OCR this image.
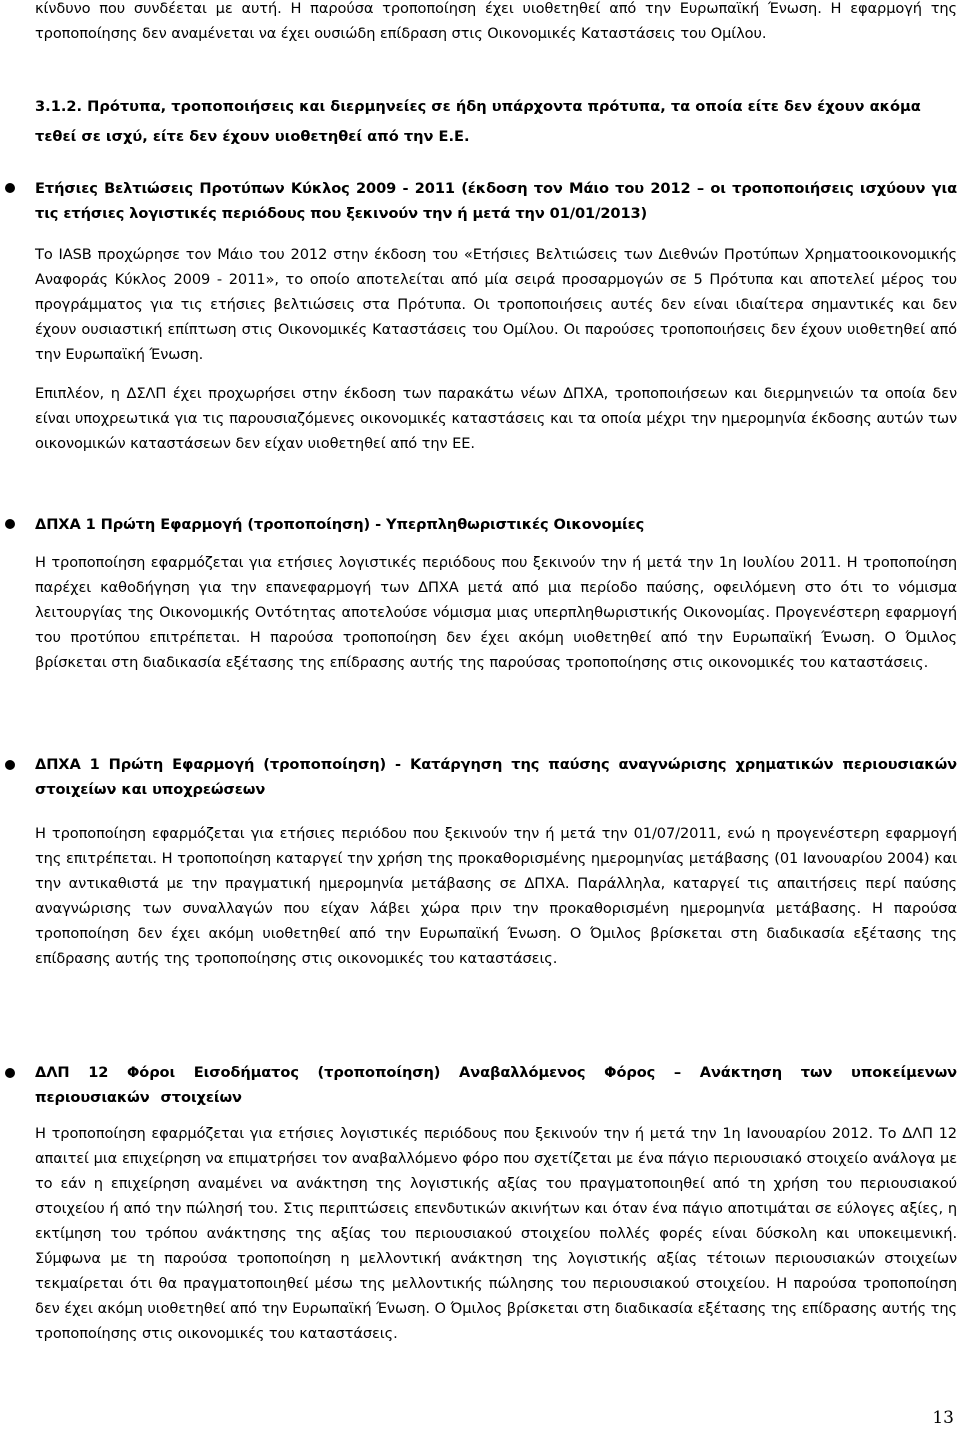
κίνδυνο που συνδέεται με αυτή. Η παρούσα τροποποίηση έχει υιοθετηθεί από την Ευρωπαϊκή Ένωση. Η εφαρμογή της τροποποίησης δεν αναμένεται να έχει ουσιώδη επίδραση στις Οικονομικές Καταστάσεις του Ομίλου.

3.1.2. Πρότυπα, τροποποιήσεις και διερμηνείες σε ήδη υπάρχοντα πρότυπα, τα οποία είτε δεν έχουν ακόμα τεθεί σε ισχύ, είτε δεν έχουν υιοθετηθεί από την Ε.Ε.

Ετήσιες Βελτιώσεις Προτύπων Κύκλος 2009 - 2011 (έκδοση τον Μάιο του 2012 – οι τροποποιήσεις ισχύουν για τις ετήσιες λογιστικές περιόδους που ξεκινούν την ή μετά την 01/01/2013)

Το IASB προχώρησε τον Μάιο του 2012 στην έκδοση του «Ετήσιες Βελτιώσεις των Διεθνών Προτύπων Χρηματοοικονομικής Αναφοράς Κύκλος 2009 - 2011», το οποίο αποτελείται από μία σειρά προσαρμογών σε 5 Πρότυπα και αποτελεί μέρος του προγράμματος για τις ετήσιες βελτιώσεις στα Πρότυπα. Οι τροποποιήσεις αυτές δεν είναι ιδιαίτερα σημαντικές και δεν έχουν ουσιαστική επίπτωση στις Οικονομικές Καταστάσεις του Ομίλου. Οι παρούσες τροποποιήσεις δεν έχουν υιοθετηθεί από την Ευρωπαϊκή Ένωση.

Επιπλέον, η ΔΣΛΠ έχει προχωρήσει στην έκδοση των παρακάτω νέων ΔΠΧΑ, τροποποιήσεων και διερμηνειών τα οποία δεν είναι υποχρεωτικά για τις παρουσιαζόμενες οικονομικές καταστάσεις και τα οποία μέχρι την ημερομηνία έκδοσης αυτών των οικονομικών καταστάσεων δεν είχαν υιοθετηθεί από την ΕΕ.

ΔΠΧΑ 1 Πρώτη Εφαρμογή (τροποποίηση) - Υπερπληθωριστικές Οικονομίες

Η τροποποίηση εφαρμόζεται για ετήσιες λογιστικές περιόδους που ξεκινούν την ή μετά την 1η Ιουλίου 2011. Η τροποποίηση παρέχει καθοδήγηση για την επανεφαρμογή των ΔΠΧΑ μετά από μια περίοδο παύσης, οφειλόμενη στο ότι το νόμισμα λειτουργίας της Οικονομικής Οντότητας αποτελούσε νόμισμα μιας υπερπληθωριστικής Οικονομίας. Προγενέστερη εφαρμογή του προτύπου επιτρέπεται. Η παρούσα τροποποίηση δεν έχει ακόμη υιοθετηθεί από την Ευρωπαϊκή Ένωση. Ο Όμιλος βρίσκεται στη διαδικασία εξέτασης της επίδρασης αυτής της παρούσας τροποποίησης στις οικονομικές του καταστάσεις.

ΔΠΧΑ 1 Πρώτη Εφαρμογή (τροποποίηση) - Κατάργηση της παύσης αναγνώρισης χρηματικών περιουσιακών στοιχείων και υποχρεώσεων

Η τροποποίηση εφαρμόζεται για ετήσιες περιόδου που ξεκινούν την ή μετά την 01/07/2011, ενώ η προγενέστερη εφαρμογή της επιτρέπεται. Η τροποποίηση καταργεί την χρήση της προκαθορισμένης ημερομηνίας μετάβασης (01 Ιανουαρίου 2004) και την αντικαθιστά με την πραγματική ημερομηνία μετάβασης σε ΔΠΧΑ. Παράλληλα, καταργεί τις απαιτήσεις περί παύσης αναγνώρισης των συναλλαγών που είχαν λάβει χώρα πριν την προκαθορισμένη ημερομηνία μετάβασης. Η παρούσα τροποποίηση δεν έχει ακόμη υιοθετηθεί από την Ευρωπαϊκή Ένωση. Ο Όμιλος βρίσκεται στη διαδικασία εξέτασης της επίδρασης αυτής της τροποποίησης στις οικονομικές του καταστάσεις.

ΔΛΠ 12 Φόροι Εισοδήματος (τροποποίηση) Αναβαλλόμενος Φόρος – Ανάκτηση των υποκείμενων περιουσιακών στοιχείων

Η τροποποίηση εφαρμόζεται για ετήσιες λογιστικές περιόδους που ξεκινούν την ή μετά την 1η Ιανουαρίου 2012. Το ΔΛΠ 12 απαιτεί μια επιχείρηση να επιματρήσει τον αναβαλλόμενο φόρο που σχετίζεται με ένα πάγιο περιουσιακό στοιχείο ανάλογα με το εάν η επιχείρηση αναμένει να ανάκτηση της λογιστικής αξίας του πραγματοποιηθεί από τη χρήση του περιουσιακού στοιχείου ή από την πώλησή του. Στις περιπτώσεις επενδυτικών ακινήτων και όταν ένα πάγιο αποτιμάται σε εύλογες αξίες, η εκτίμηση του τρόπου ανάκτησης της αξίας του περιουσιακού στοιχείου πολλές φορές είναι δύσκολη και υποκειμενική. Σύμφωνα με τη παρούσα τροποποίηση η μελλοντική ανάκτηση της λογιστικής αξίας τέτοιων περιουσιακών στοιχείων τεκμαίρεται ότι θα πραγματοποιηθεί μέσω της μελλοντικής πώλησης του περιουσιακού στοιχείου. Η παρούσα τροποποίηση δεν έχει ακόμη υιοθετηθεί από την Ευρωπαϊκή Ένωση. Ο Όμιλος βρίσκεται στη διαδικασία εξέτασης της επίδρασης αυτής της τροποποίησης στις οικονομικές του καταστάσεις.

13
